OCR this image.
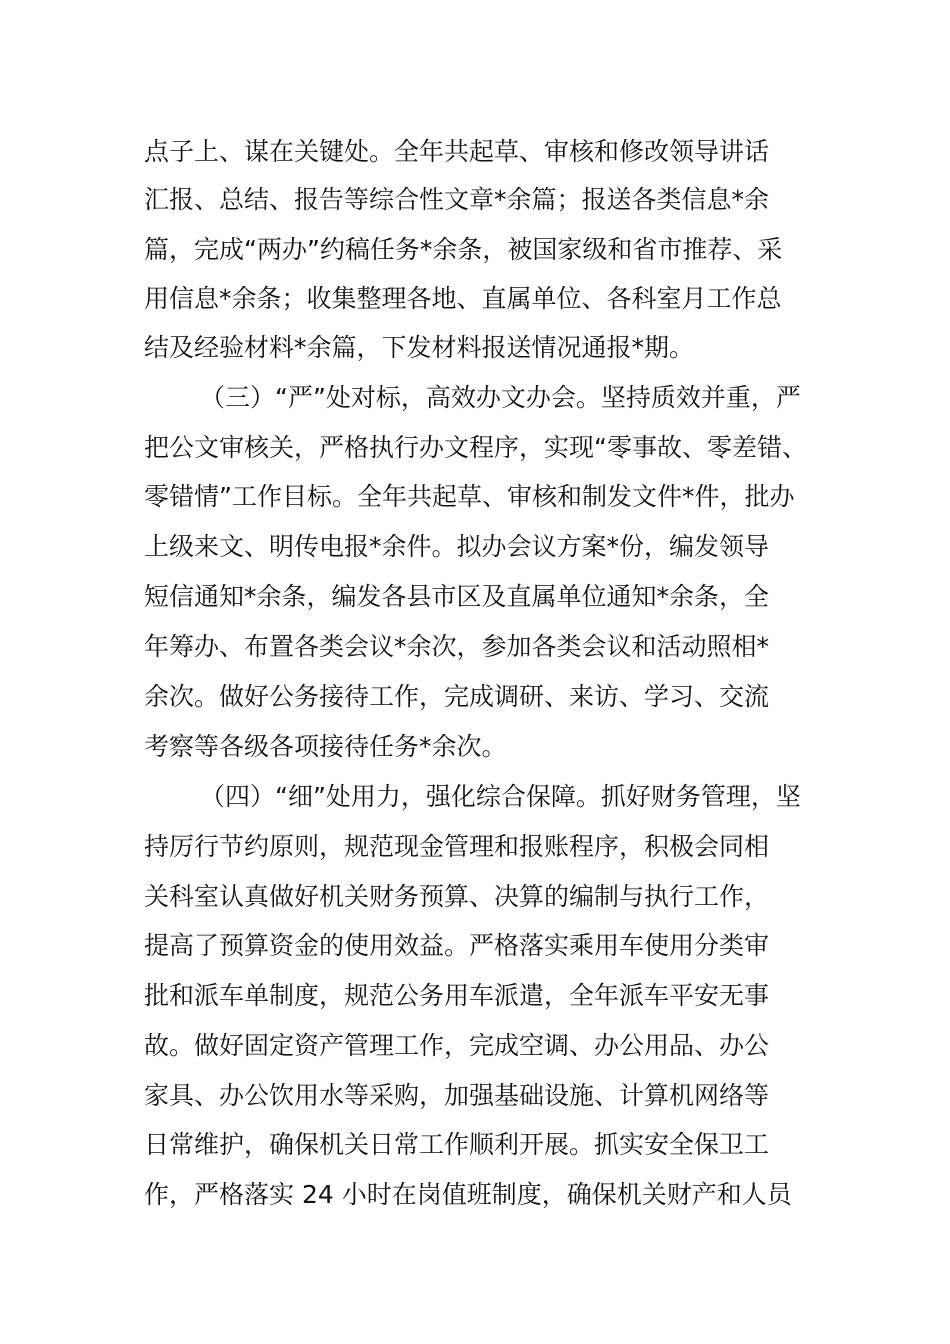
点子上、谋在关键处。全年共起草、审核和修改领导讲话

汇报、总结、报告等综合性文章*余篇；报送各类信息*余

篇，完成“两办”约稿任务*余条，被国家级和省市推荐、采

用信息*余条；收集整理各地、直属单位、各科室月工作总

结及经验材料*余篇，下发材料报送情况通报*期。

（三）“严”处对标，高效办文办会。坚持质效并重，严

把公文审核关，严格执行办文程序，实现“零事故、零差错、

零错情”工作目标。全年共起草、审核和制发文件*件，批办

上级来文、明传电报*余件。拟办会议方案*份，编发领导

短信通知*余条，编发各县市区及直属单位通知*余条，全

年筹办、布置各类会议*余次，参加各类会议和活动照相*

余次。做好公务接待工作，完成调研、来访、学习、交流

考察等各级各项接待任务*余次。

（四）“细”处用力，强化综合保障。抓好财务管理，坚

持厉行节约原则，规范现金管理和报账程序，积极会同相

关科室认真做好机关财务预算、决算的编制与执行工作，

提高了预算资金的使用效益。严格落实乘用车使用分类审

批和派车单制度，规范公务用车派遣，全年派车平安无事

故。做好固定资产管理工作，完成空调、办公用品、办公

家具、办公饮用水等采购，加强基础设施、计算机网络等

日常维护，确保机关日常工作顺利开展。抓实安全保卫工

作，严格落实 24 小时在岗值班制度，确保机关财产和人员
